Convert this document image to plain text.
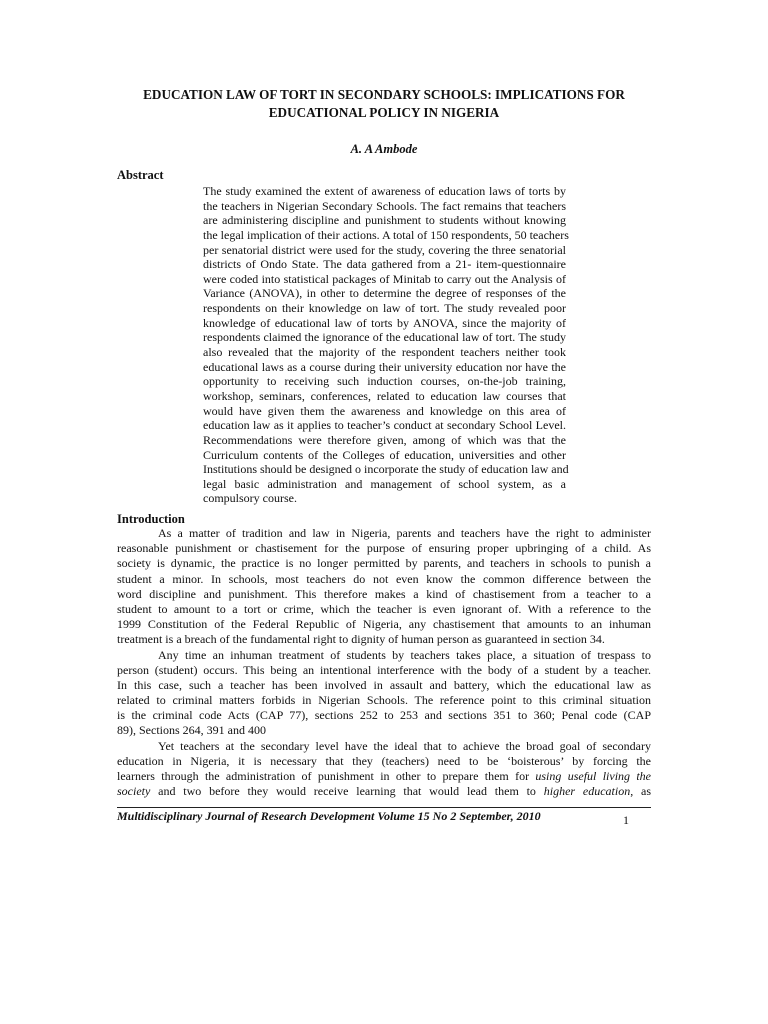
EDUCATION LAW OF TORT IN SECONDARY SCHOOLS: IMPLICATIONS FOR
EDUCATIONAL POLICY IN NIGERIA
A. A Ambode
Abstract
The study examined the extent of awareness of education laws of torts by
the teachers in Nigerian Secondary Schools. The fact remains that teachers
are administering discipline and punishment to students without knowing
the legal implication of their actions. A total of 150 respondents, 50 teachers
per senatorial district were used for the study, covering the three senatorial
districts of Ondo State. The data gathered from a 21- item-questionnaire
were coded into statistical packages of Minitab to carry out the Analysis of
Variance (ANOVA), in other to determine the degree of responses of the
respondents on their knowledge on law of tort. The study revealed poor
knowledge of educational law of torts by ANOVA, since the majority of
respondents claimed the ignorance of the educational law of tort. The study
also revealed that the majority of the respondent teachers neither took
educational laws as a course during their university education nor have the
opportunity to receiving such induction courses, on-the-job training,
workshop, seminars, conferences, related to education law courses that
would have given them the awareness and knowledge on this area of
education law as it applies to teacher’s conduct at secondary School Level.
Recommendations were therefore given, among of which was that the
Curriculum contents of the Colleges of education, universities and other
Institutions should be designed o incorporate the study of education law and
legal basic administration and management of school system, as a
compulsory course.
Introduction
As a matter of tradition and law in Nigeria, parents and teachers have the right to administer
reasonable punishment or chastisement for the purpose of ensuring proper upbringing of a child. As
society is dynamic, the practice is no longer permitted by parents, and teachers in schools to punish a
student a minor. In schools, most teachers do not even know the common difference between the
word discipline and punishment. This therefore makes a kind of chastisement from a teacher to a
student to amount to a tort or crime, which the teacher is even ignorant of. With a reference to the
1999 Constitution of the Federal Republic of Nigeria, any chastisement that amounts to an inhuman
treatment is a breach of the fundamental right to dignity of human person as guaranteed in section 34.
Any time an inhuman treatment of students by teachers takes place, a situation of trespass to
person (student) occurs. This being an intentional interference with the body of a student by a teacher.
In this case, such a teacher has been involved in assault and battery, which the educational law as
related to criminal matters forbids in Nigerian Schools. The reference point to this criminal situation
is the criminal code Acts (CAP 77), sections 252 to 253 and sections 351 to 360; Penal code (CAP
89), Sections 264, 391 and 400
Yet teachers at the secondary level have the ideal that to achieve the broad goal of secondary
education in Nigeria, it is necessary that they (teachers) need to be ‘boisterous’ by forcing the
learners through the administration of punishment in other to prepare them for using useful living the
society and two before they would receive learning that would lead them to higher education, as
Multidisciplinary Journal of Research Development Volume 15 No 2 September, 2010	1
